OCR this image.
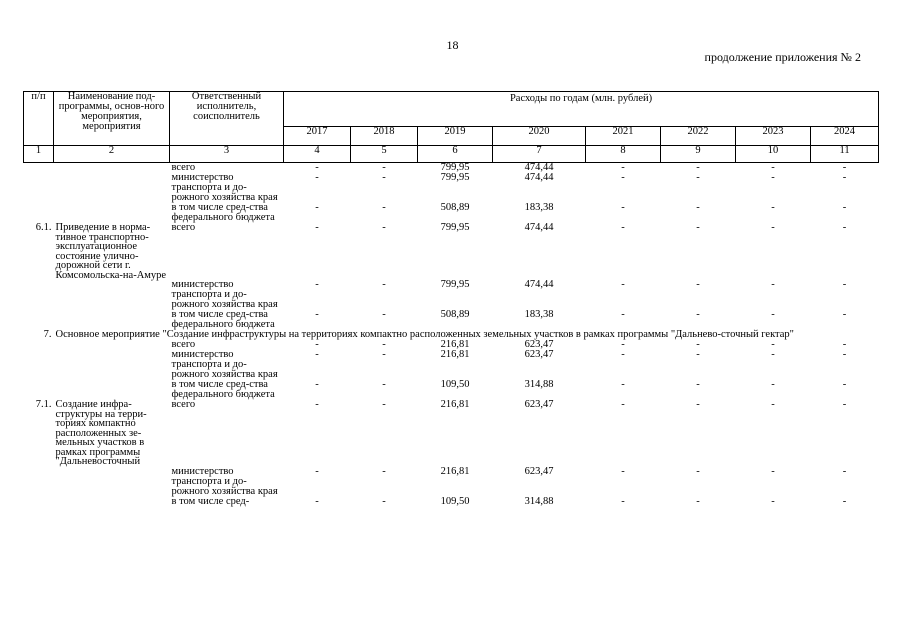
18
продолжение приложения № 2
п/п	Наименование под-программы, основ-ного мероприятия, мероприятия	Ответственный исполнитель, соисполнитель	Расходы по годам (млн. рублей)							
			2017	2018	2019	2020	2021	2022	2023	2024
1	2	3	4	5	6	7	8	9	10	11
		всего	-	-	799,95	474,44	-	-	-	-
		министерство транспорта и до-рожного хозяйства края	-	-	799,95	474,44	-	-	-	-
		в том числе сред-ства федерального бюджета	-	-	508,89	183,38	-	-	-	-
6.1.	Приведение в норма-тивное транспортно-эксплуатационное состояние улично-дорожной сети г. Комсомольска-на-Амуре	всего	-	-	799,95	474,44	-	-	-	-
		министерство транспорта и до-рожного хозяйства края	-	-	799,95	474,44	-	-	-	-
		в том числе сред-ства федерального бюджета	-	-	508,89	183,38	-	-	-	-
7.	Основное мероприятие "Создание инфраструктуры на территориях компактно расположенных земельных участков в рамках программы "Дальнево-сточный гектар"									
		всего	-	-	216,81	623,47	-	-	-	-
		министерство транспорта и до-рожного хозяйства края	-	-	216,81	623,47	-	-	-	-
		в том числе сред-ства федерального бюджета	-	-	109,50	314,88	-	-	-	-
7.1.	Создание инфра-структуры на терри-ториях компактно расположенных зе-мельных участков в рамках программы "Дальневосточный	всего	-	-	216,81	623,47	-	-	-	-
		министерство транспорта и до-рожного хозяйства края	-	-	216,81	623,47	-	-	-	-
		в том числе сред-	-	-	109,50	314,88	-	-	-	-
